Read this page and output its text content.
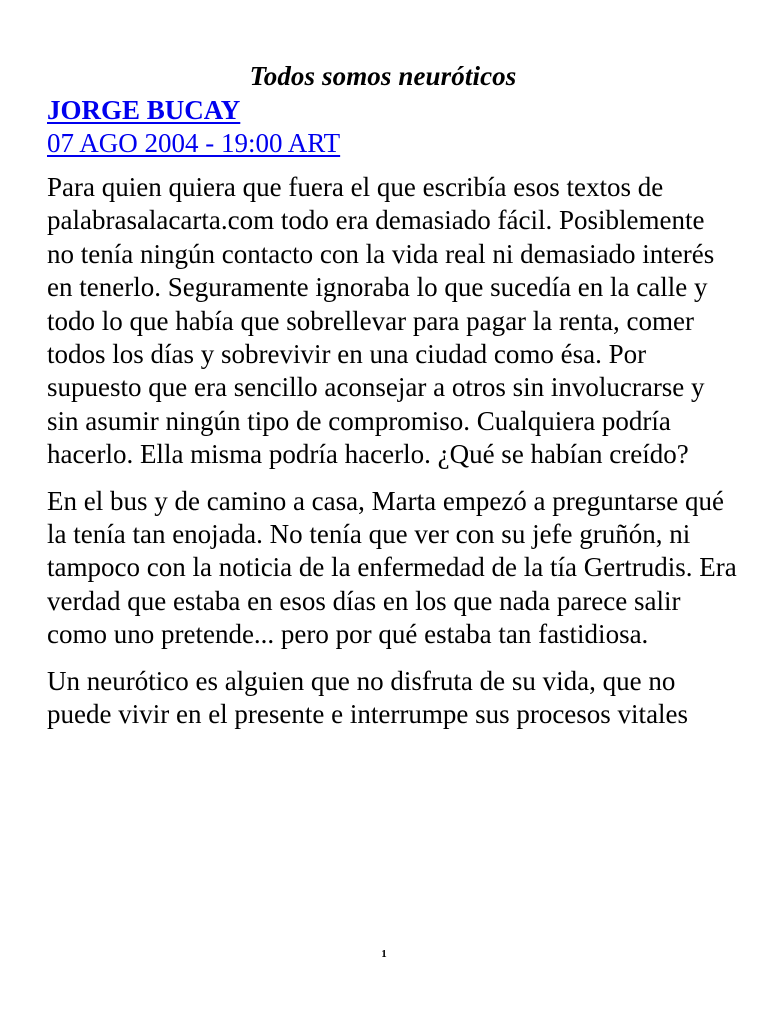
Todos somos neuróticos

JORGE BUCAY

07 AGO 2004 - 19:00 ART

Para quien quiera que fuera el que escribía esos textos de palabrasalacarta.com todo era demasiado fácil. Posiblemente no tenía ningún contacto con la vida real ni demasiado interés en tenerlo. Seguramente ignoraba lo que sucedía en la calle y todo lo que había que sobrellevar para pagar la renta, comer todos los días y sobrevivir en una ciudad como ésa. Por supuesto que era sencillo aconsejar a otros sin involucrarse y sin asumir ningún tipo de compromiso. Cualquiera podría hacerlo. Ella misma podría hacerlo. ¿Qué se habían creído?

En el bus y de camino a casa, Marta empezó a preguntarse qué la tenía tan enojada. No tenía que ver con su jefe gruñón, ni tampoco con la noticia de la enfermedad de la tía Gertrudis. Era verdad que estaba en esos días en los que nada parece salir como uno pretende... pero por qué estaba tan fastidiosa.

Un neurótico es alguien que no disfruta de su vida, que no puede vivir en el presente e interrumpe sus procesos vitales

1
